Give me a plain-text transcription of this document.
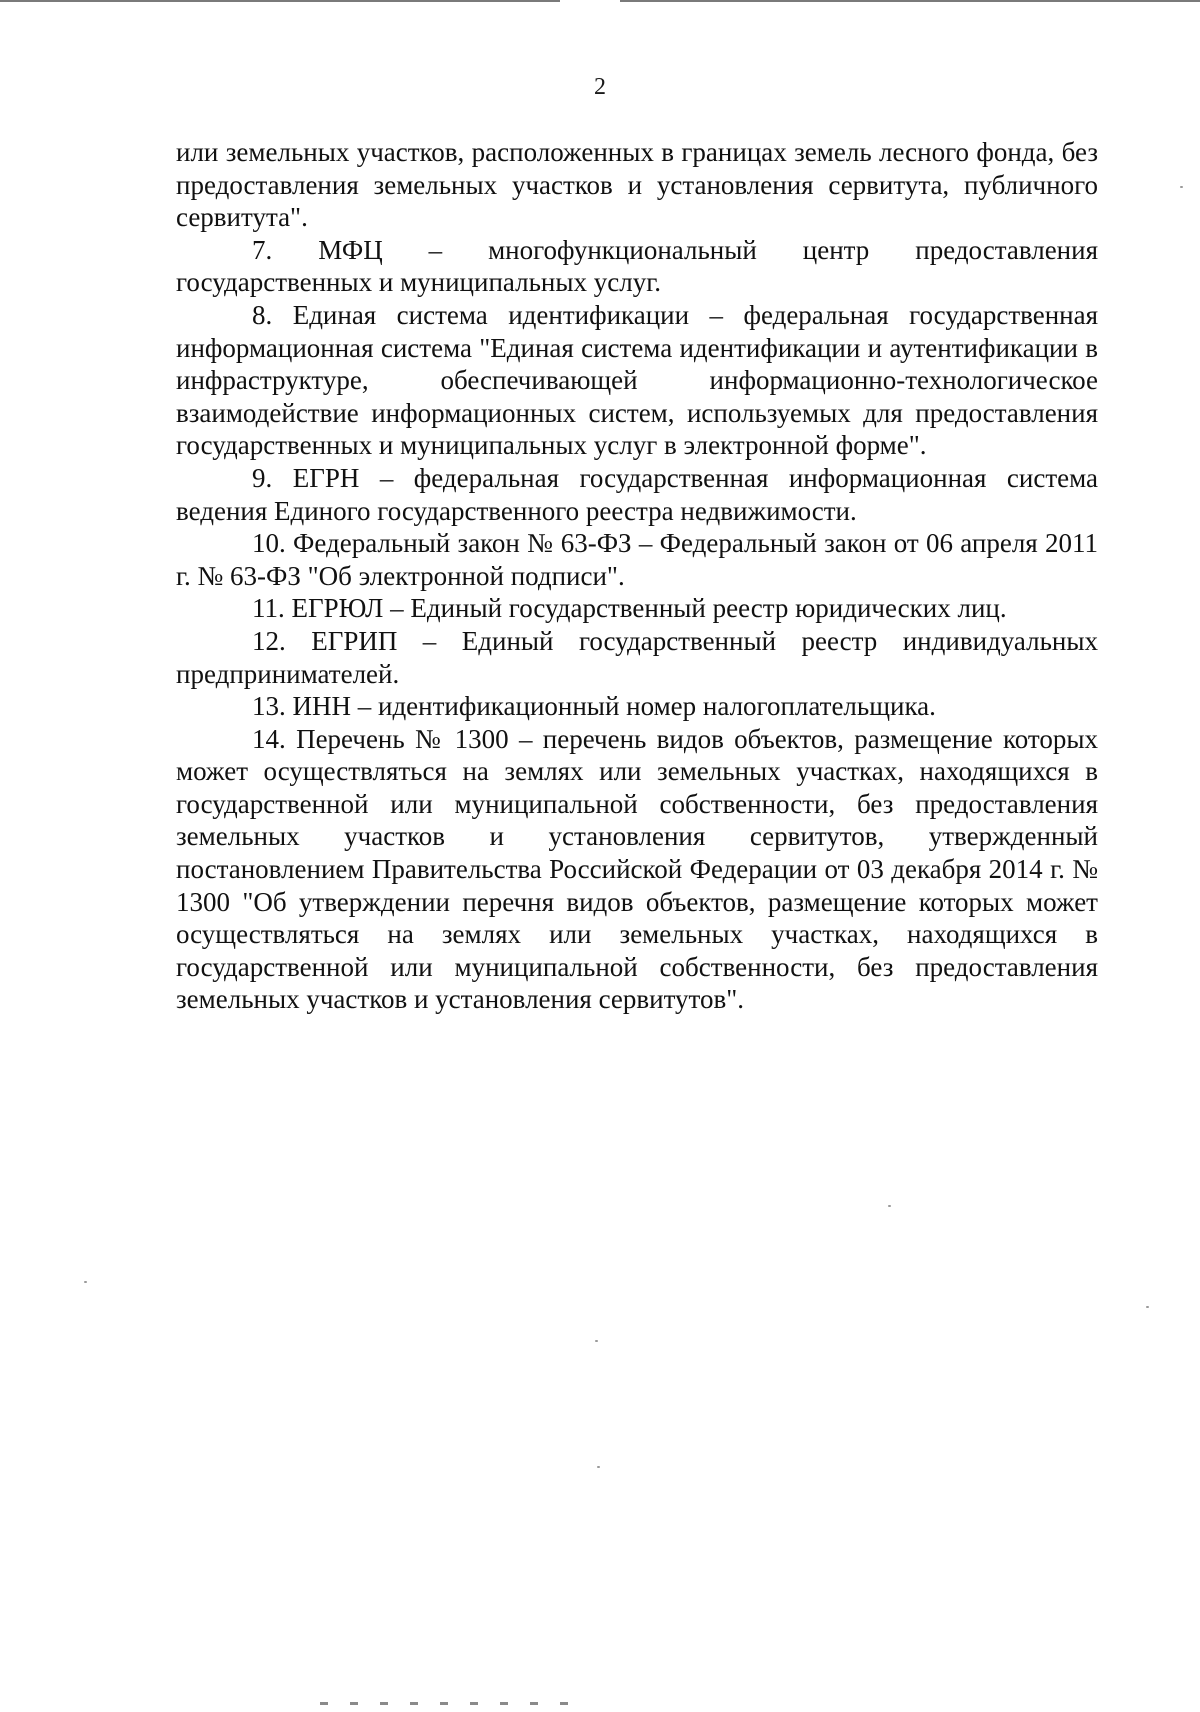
2

или земельных участков, расположенных в границах земель лесного фонда, без предоставления земельных участков и установления сервитута, публичного сервитута".

7. МФЦ – многофункциональный центр предоставления государственных и муниципальных услуг.

8. Единая система идентификации – федеральная государственная информационная система "Единая система идентификации и аутентификации в инфраструктуре, обеспечивающей информационно-технологическое взаимодействие информационных систем, используемых для предоставления государственных и муниципальных услуг в электронной форме".

9. ЕГРН – федеральная государственная информационная система ведения Единого государственного реестра недвижимости.

10. Федеральный закон № 63-ФЗ – Федеральный закон от 06 апреля 2011 г. № 63-ФЗ "Об электронной подписи".

11. ЕГРЮЛ – Единый государственный реестр юридических лиц.

12. ЕГРИП – Единый государственный реестр индивидуальных предпринимателей.

13. ИНН – идентификационный номер налогоплательщика.

14. Перечень № 1300 – перечень видов объектов, размещение которых может осуществляться на землях или земельных участках, находящихся в государственной или муниципальной собственности, без предоставления земельных участков и установления сервитутов, утвержденный постановлением Правительства Российской Федерации от 03 декабря 2014 г. № 1300 "Об утверждении перечня видов объектов, размещение которых может осуществляться на землях или земельных участках, находящихся в государственной или муниципальной собственности, без предоставления земельных участков и установления сервитутов".
